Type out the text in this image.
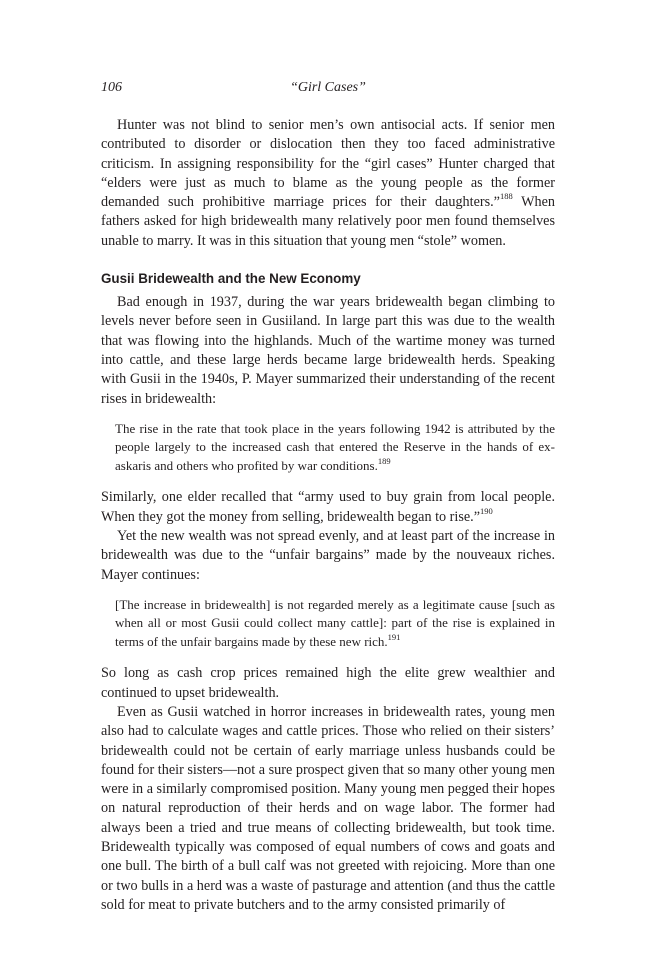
106	“Girl Cases”

Hunter was not blind to senior men’s own antisocial acts. If senior men contributed to disorder or dislocation then they too faced administrative criticism. In assigning responsibility for the “girl cases” Hunter charged that “elders were just as much to blame as the young people as the former demanded such prohibitive marriage prices for their daughters.”$^{188}$ When fathers asked for high bridewealth many relatively poor men found themselves unable to marry. It was in this situation that young men “stole” women.

Gusii Bridewealth and the New Economy

Bad enough in 1937, during the war years bridewealth began climbing to levels never before seen in Gusiiland. In large part this was due to the wealth that was flowing into the highlands. Much of the wartime money was turned into cattle, and these large herds became large bridewealth herds. Speaking with Gusii in the 1940s, P. Mayer summarized their understanding of the recent rises in bridewealth:

The rise in the rate that took place in the years following 1942 is attributed by the people largely to the increased cash that entered the Reserve in the hands of ex-askaris and others who profited by war conditions.$^{189}$

Similarly, one elder recalled that “army used to buy grain from local people. When they got the money from selling, bridewealth began to rise.”$^{190}$

Yet the new wealth was not spread evenly, and at least part of the increase in bridewealth was due to the “unfair bargains” made by the nouveaux riches. Mayer continues:

[The increase in bridewealth] is not regarded merely as a legitimate cause [such as when all or most Gusii could collect many cattle]: part of the rise is explained in terms of the unfair bargains made by these new rich.$^{191}$

So long as cash crop prices remained high the elite grew wealthier and continued to upset bridewealth.

Even as Gusii watched in horror increases in bridewealth rates, young men also had to calculate wages and cattle prices. Those who relied on their sisters’ bridewealth could not be certain of early marriage unless husbands could be found for their sisters—not a sure prospect given that so many other young men were in a similarly compromised position. Many young men pegged their hopes on natural reproduction of their herds and on wage labor. The former had always been a tried and true means of collecting bridewealth, but took time. Bridewealth typically was composed of equal numbers of cows and goats and one bull. The birth of a bull calf was not greeted with rejoicing. More than one or two bulls in a herd was a waste of pasturage and attention (and thus the cattle sold for meat to private butchers and to the army consisted primarily of
